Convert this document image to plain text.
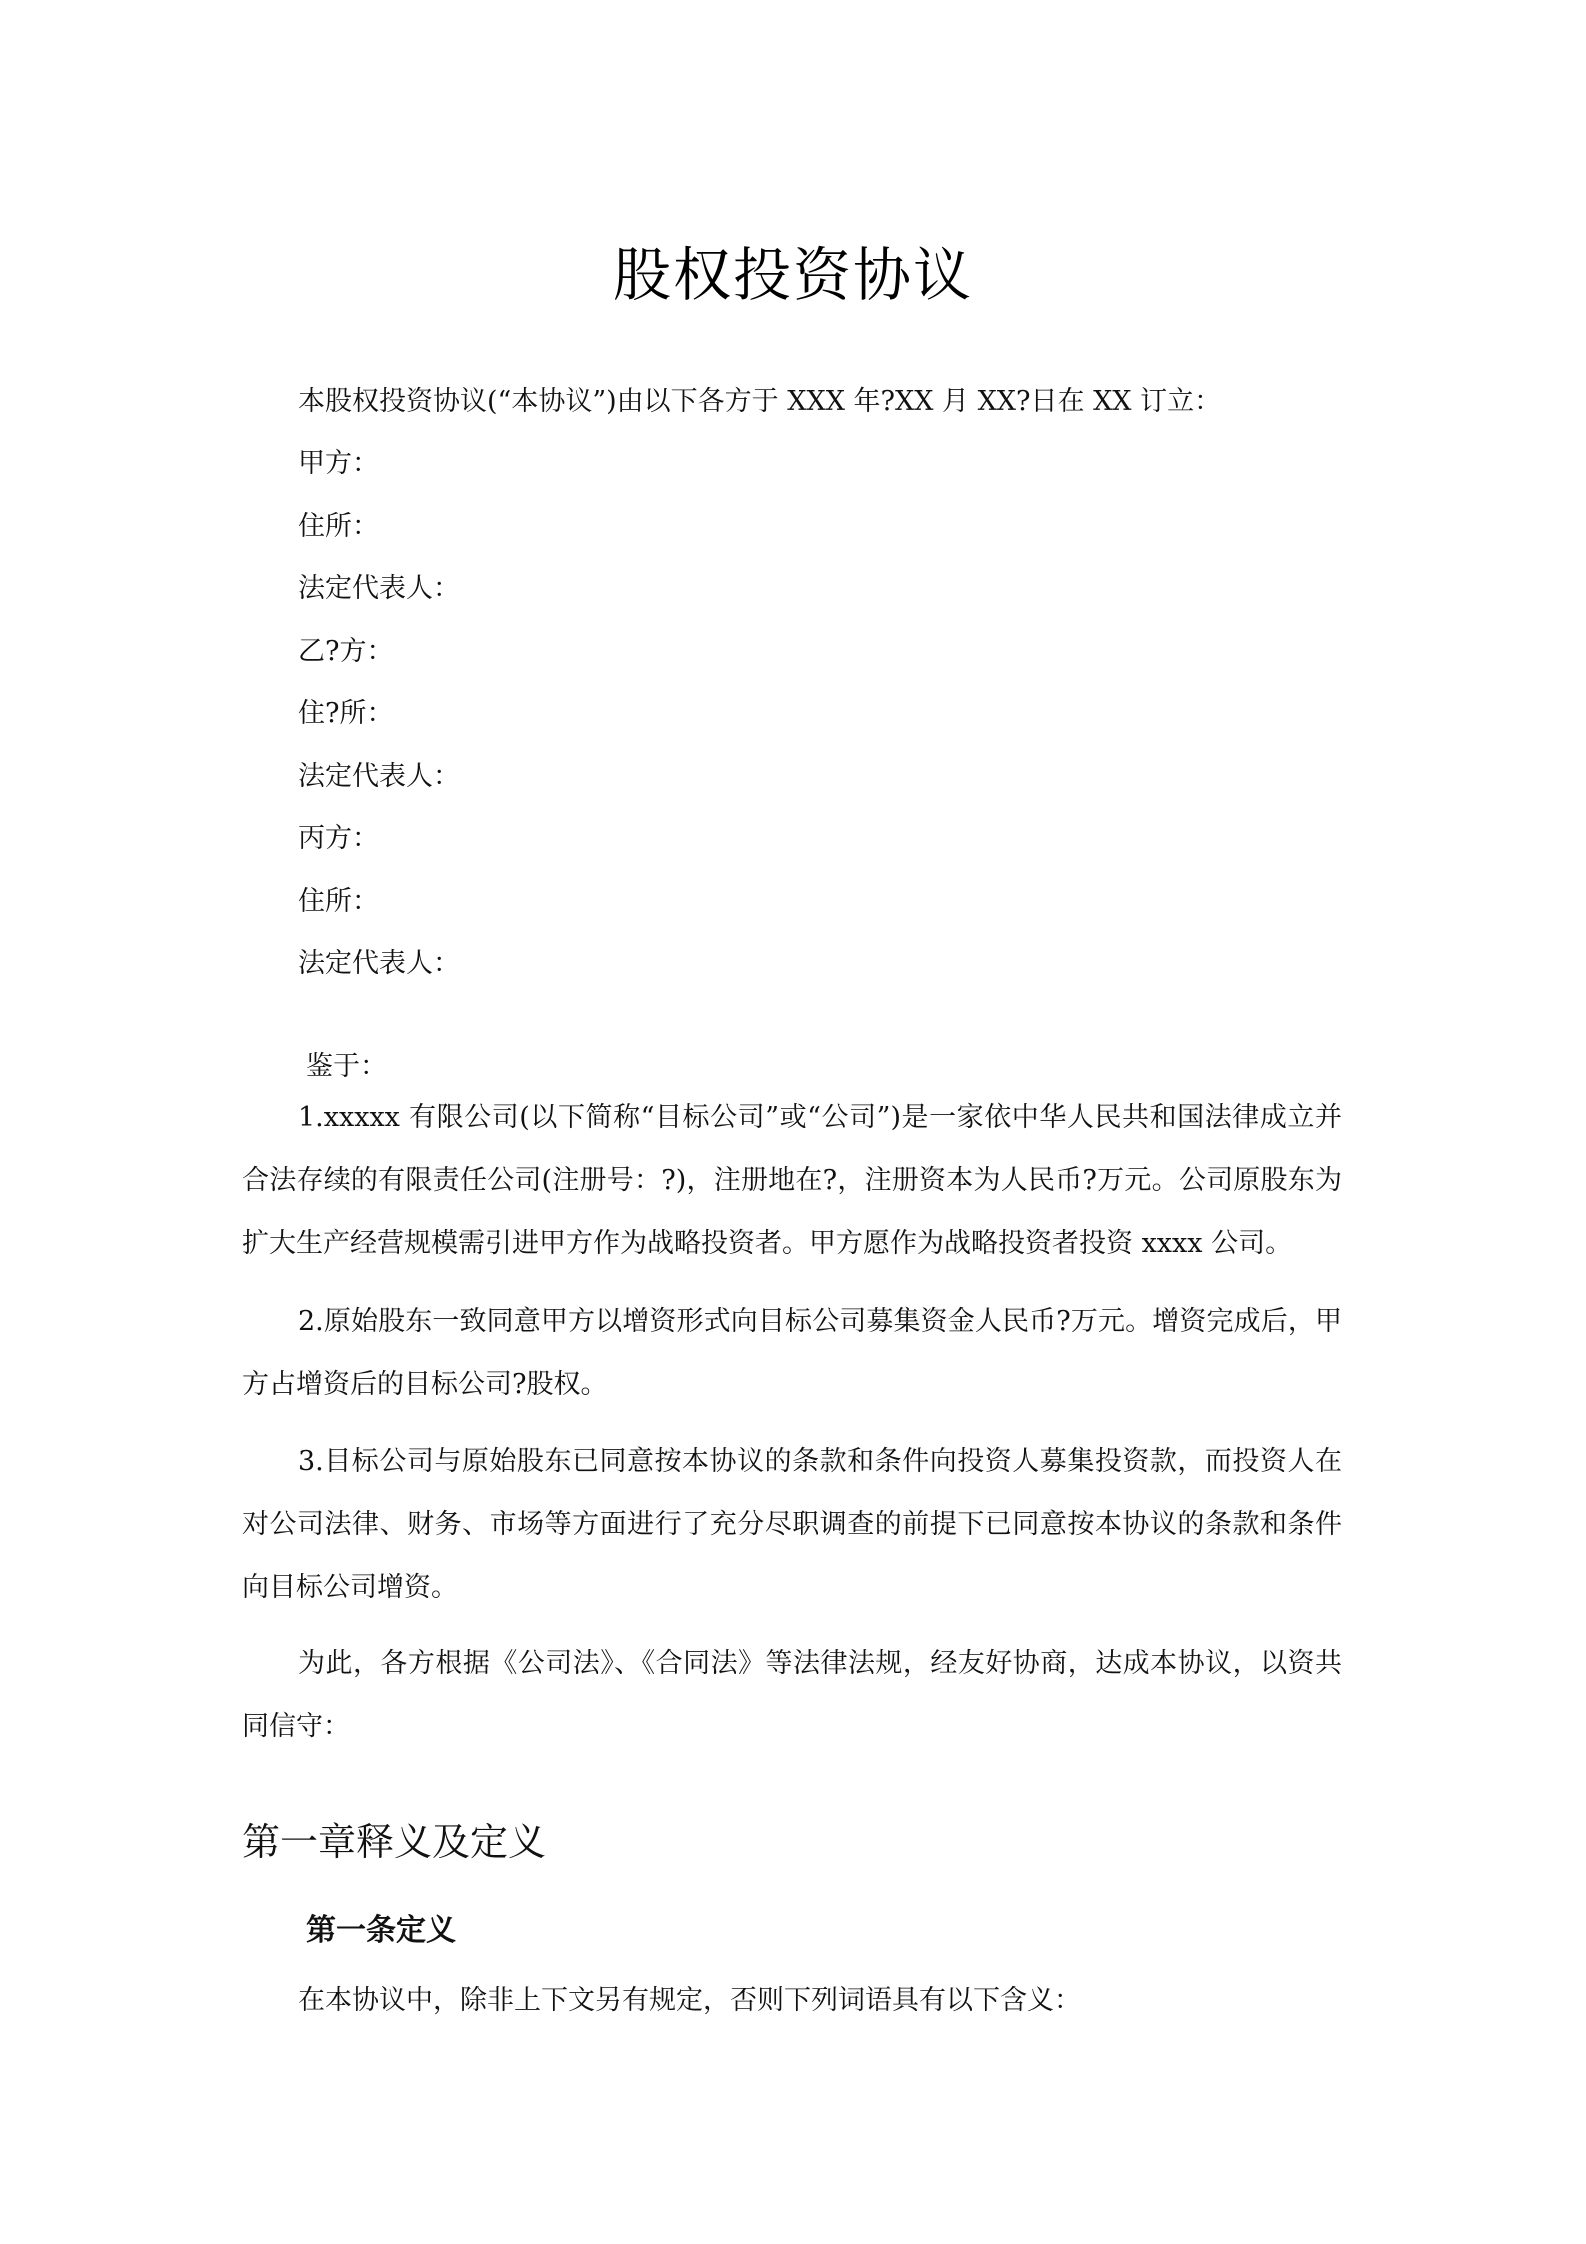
股权投资协议

本股权投资协议(“本协议”)由以下各方于 XXX 年?XX 月 XX?日在 XX 订立：

甲方：

住所：

法定代表人：

乙?方：

住?所：

法定代表人：

丙方：

住所：

法定代表人：

鉴于：

1.xxxxx 有限公司(以下简称“目标公司”或“公司”)是一家依中华人民共和国法律成立并合法存续的有限责任公司(注册号：?)，注册地在?，注册资本为人民币?万元。公司原股东为扩大生产经营规模需引进甲方作为战略投资者。甲方愿作为战略投资者投资 xxxx 公司。

2.原始股东一致同意甲方以增资形式向目标公司募集资金人民币?万元。增资完成后，甲方占增资后的目标公司?股权。

3.目标公司与原始股东已同意按本协议的条款和条件向投资人募集投资款，而投资人在对公司法律、财务、市场等方面进行了充分尽职调查的前提下已同意按本协议的条款和条件向目标公司增资。

为此，各方根据《公司法》、《合同法》等法律法规，经友好协商，达成本协议，以资共同信守：

第一章释义及定义
第一条定义

在本协议中，除非上下文另有规定，否则下列词语具有以下含义：
